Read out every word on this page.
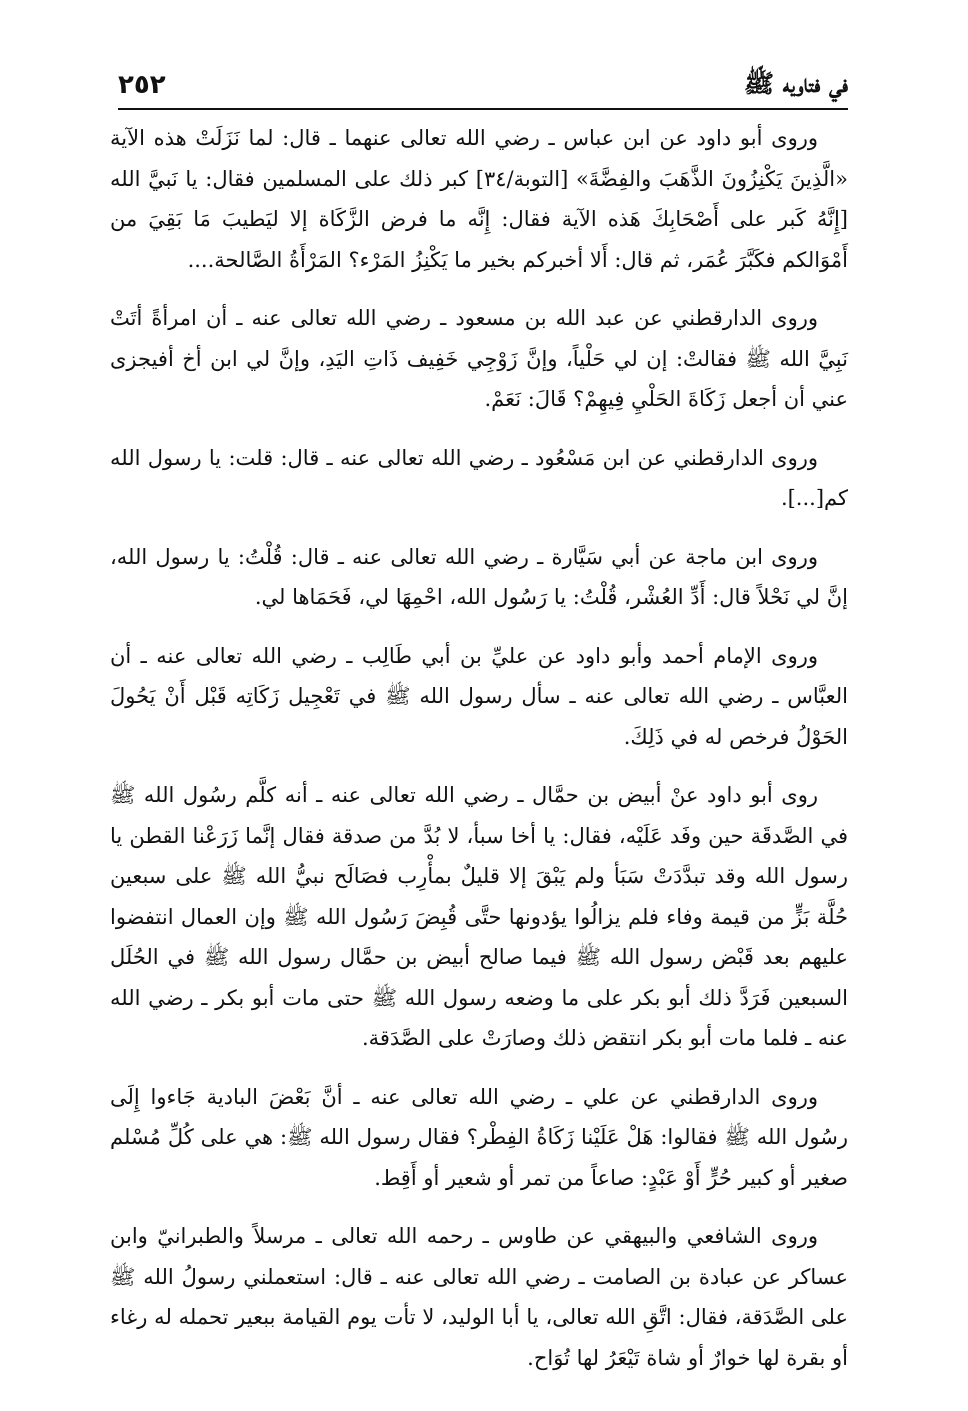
٢٥٢	في فتاويه ﷺ

وروى أبو داود عن ابن عباس ـ رضي الله تعالى عنهما ـ قال: لما نَزَلَتْ هذه الآية «الَّذِينَ يَكْنِزُونَ الذَّهَبَ والفِضَّةَ» [التوبة/٣٤] كبر ذلك على المسلمين فقال: يا نَبيَّ الله [إِنَّهُ كَبر على أَصْحَابِكَ هَذه الآية فقال: إِنَّه ما فرض الزَّكَاة إلا ليَطيبَ مَا بَقِيَ من أَمْوَالكم فكَبَّرَ عُمَر، ثم قال: أَلا أخبركم بخير ما يَكْنِزُ المَرْء؟ المَرْأَةُ الصَّالحة....

وروى الدارقطني عن عبد الله بن مسعود ـ رضي الله تعالى عنه ـ أن امرأةً أتَتْ نَبِيَّ الله ﷺ فقالتْ: إن لي حَلْياً، وإنَّ زَوْجِي خَفِيف ذَاتِ اليَدِ، وإنَّ لي ابن أخ أفيجزى عني أن أجعل زَكَاةَ الحَلْيِ فِيهِمْ؟ قَالَ: نَعَمْ.

وروى الدارقطني عن ابن مَسْعُود ـ رضي الله تعالى عنه ـ قال: قلت: يا رسول الله كم[...].

وروى ابن ماجة عن أبي سَيَّارة ـ رضي الله تعالى عنه ـ قال: قُلْتُ: يا رسول الله، إنَّ لي نَحْلاً قال: أَدِّ العُشْر، قُلْتُ: يا رَسُول الله، احْمِهَا لي، فَحَمَاها لي.

وروى الإمام أحمد وأبو داود عن عليِّ بن أبي طَالِب ـ رضي الله تعالى عنه ـ أن العبَّاس ـ رضي الله تعالى عنه ـ سأل رسول الله ﷺ في تَعْجِيل زَكَاتِه قَبْل أَنْ يَحُولَ الحَوْلُ فرخص له في ذَلِكَ.

روى أبو داود عنْ أبيض بن حمَّال ـ رضي الله تعالى عنه ـ أنه كلَّم رسُول الله ﷺ في الصَّدقَة حين وفَد عَلَيْه، فقال: يا أخا سبأ، لا بُدَّ من صدقة فقال إنَّما زَرَعْنا القطن يا رسول الله وقد تبدَّدَتْ سَبَأ ولم يَبْقَ إلا قليلٌ بمأْرِب فصَالَح نبيُّ الله ﷺ على سبعين حُلَّة بَزٍّ من قيمة وفاء فلم يزالُوا يؤدونها حتَّى قُبِضَ رَسُول الله ﷺ وإن العمال انتفضوا عليهم بعد قَبْض رسول الله ﷺ فيما صالح أبيض بن حمَّال رسول الله ﷺ في الحُلَل السبعين فَرَدَّ ذلك أبو بكر على ما وضعه رسول الله ﷺ حتى مات أبو بكر ـ رضي الله عنه ـ فلما مات أبو بكر انتقض ذلك وصارَتْ على الصَّدَقة.

وروى الدارقطني عن علي ـ رضي الله تعالى عنه ـ أنَّ بَعْضَ البادية جَاءوا إِلَى رسُول الله ﷺ فقالوا: هَلْ عَلَيْنا زَكَاةُ الفِطْر؟ فقال رسول الله ﷺ: هي على كُلِّ مُسْلم صغير أو كبير حُرٍّ أَوْ عَبْدٍ: صاعاً من تمر أو شعير أو أَقِط.

وروى الشافعي والبيهقي عن طاوس ـ رحمه الله تعالى ـ مرسلاً والطبرانيّ وابن عساكر عن عبادة بن الصامت ـ رضي الله تعالى عنه ـ قال: استعملني رسولُ الله ﷺ على الصَّدَقة، فقال: اتَّقِ الله تعالى، يا أبا الوليد، لا تأت يوم القيامة ببعير تحمله له رغاء أو بقرة لها خوارٌ أو شاة تَيْعَرُ لها تُوَاح.
